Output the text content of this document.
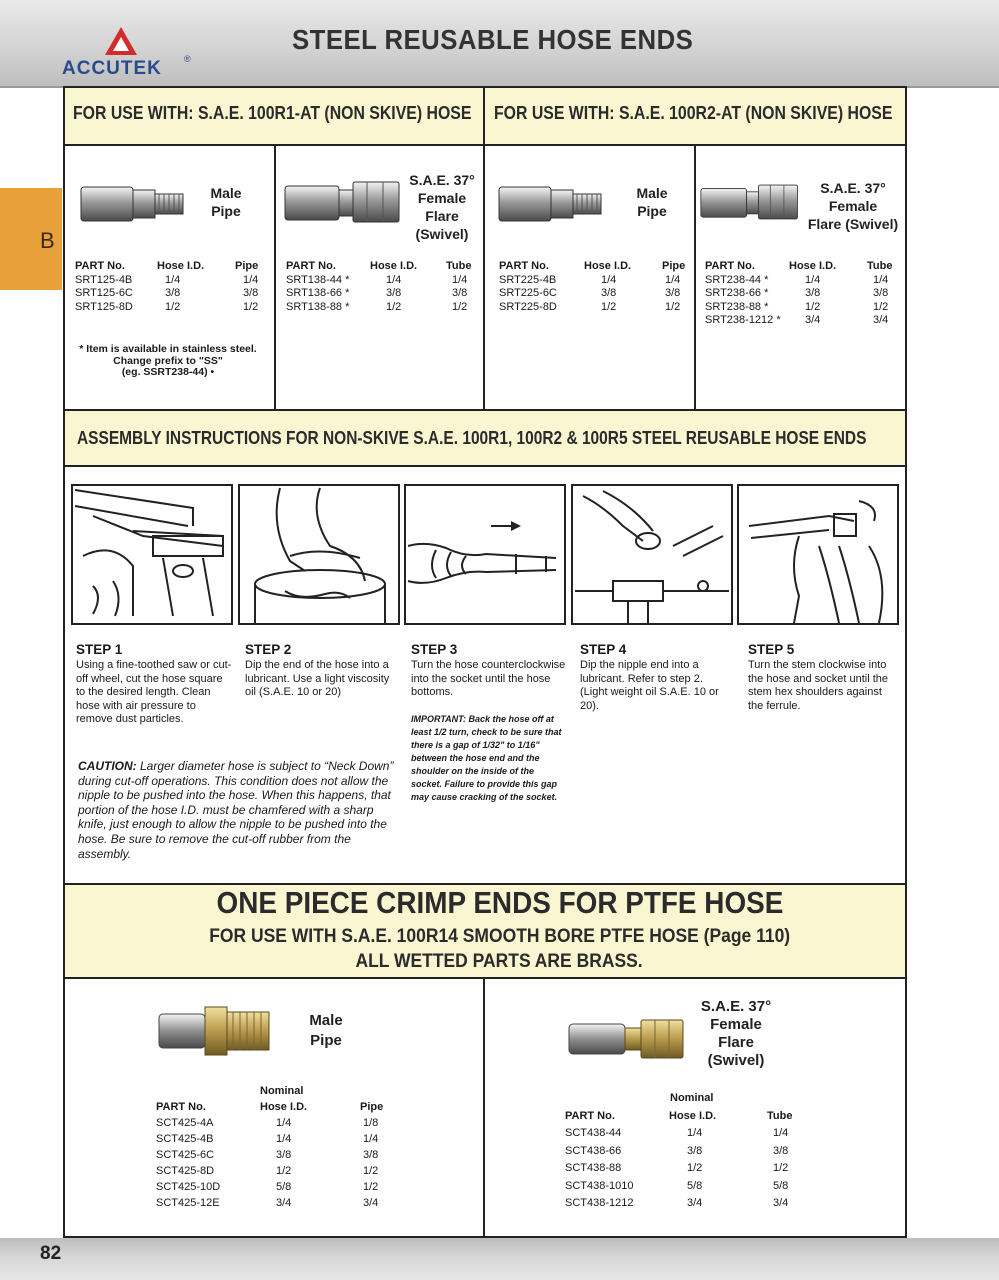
ACCUTEK ®
STEEL REUSABLE HOSE ENDS
B
FOR USE WITH: S.A.E. 100R1-AT (NON SKIVE) HOSE FOR USE WITH: S.A.E. 100R2-AT (NON SKIVE) HOSE
Male
Pipe
S.A.E. 37°
Female
Flare
(Swivel)
Male
Pipe
S.A.E. 37°
Female
Flare (Swivel)
PART No.	Hose I.D.	Pipe
SRT125-4B	1/4	1/4
SRT125-6C	3/8	3/8
SRT125-8D	1/2	1/2
PART No.	Hose I.D.	Tube
SRT138-44 *	1/4	1/4
SRT138-66 *	3/8	3/8
SRT138-88 *	1/2	1/2
PART No.	Hose I.D.	Pipe
SRT225-4B	1/4	1/4
SRT225-6C	3/8	3/8
SRT225-8D	1/2	1/2
PART No.	Hose I.D.	Tube
SRT238-44 *	1/4	1/4
SRT238-66 *	3/8	3/8
SRT238-88 *	1/2	1/2
SRT238-1212 *	3/4	3/4
* Item is available in stainless steel.
Change prefix to "SS"
(eg. SSRT238-44) •
ASSEMBLY INSTRUCTIONS FOR NON-SKIVE S.A.E. 100R1, 100R2 & 100R5 STEEL REUSABLE HOSE ENDS
STEP 1
Using a fine-toothed saw or cut-off wheel, cut the hose square to the desired length. Clean hose with air pressure to remove dust particles.
STEP 2
Dip the end of the hose into a lubricant. Use a light viscosity oil (S.A.E. 10 or 20)
STEP 3
Turn the hose counterclockwise into the socket until the hose bottoms.
STEP 4
Dip the nipple end into a lubricant. Refer to step 2. (Light weight oil S.A.E. 10 or 20).
STEP 5
Turn the stem clockwise into the hose and socket until the stem hex shoulders against the ferrule.
IMPORTANT: Back the hose off at least 1/2 turn, check to be sure that there is a gap of 1/32" to 1/16" between the hose end and the shoulder on the inside of the socket. Failure to provide this gap may cause cracking of the socket.
CAUTION: Larger diameter hose is subject to “Neck Down” during cut-off operations. This condition does not allow the nipple to be pushed into the hose. When this happens, that portion of the hose I.D. must be chamfered with a sharp knife, just enough to allow the nipple to be pushed into the hose. Be sure to remove the cut-off rubber from the assembly.
ONE PIECE CRIMP ENDS FOR PTFE HOSE
FOR USE WITH S.A.E. 100R14 SMOOTH BORE PTFE HOSE (Page 110)
ALL WETTED PARTS ARE BRASS.
Male
Pipe
S.A.E. 37°
Female
Flare
(Swivel)
Nominal
PART No.	Hose I.D.	Pipe
SCT425-4A	1/4	1/8
SCT425-4B	1/4	1/4
SCT425-6C	3/8	3/8
SCT425-8D	1/2	1/2
SCT425-10D	5/8	1/2
SCT425-12E	3/4	3/4
Nominal
PART No.	Hose I.D.	Tube
SCT438-44	1/4	1/4
SCT438-66	3/8	3/8
SCT438-88	1/2	1/2
SCT438-1010	5/8	5/8
SCT438-1212	3/4	3/4
82
